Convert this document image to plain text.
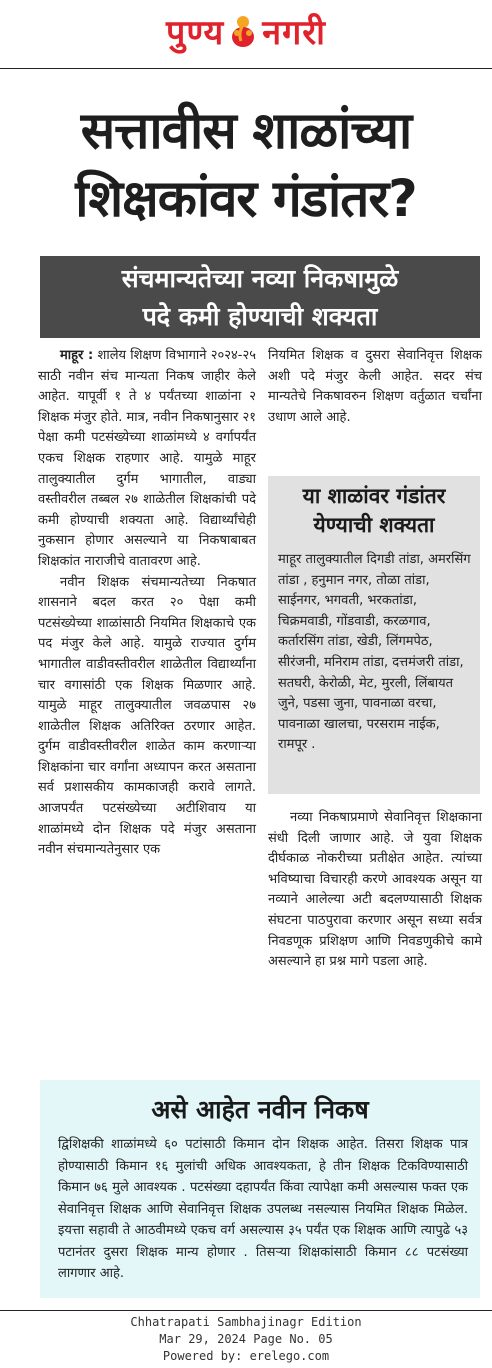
पुण्य नगरी
सत्तावीस शाळांच्या
शिक्षकांवर गंडांतर?
संचमान्यतेच्या नव्या निकषामुळे
पदे कमी होण्याची शक्यता

माहूर : शालेय शिक्षण विभागाने २०२४-२५ साठी नवीन संच मान्यता निकष जाहीर केले आहेत. यापूर्वी १ ते ४ पर्यंतच्या शाळांना २ शिक्षक मंजुर होते. मात्र, नवीन निकषानुसार २१ पेक्षा कमी पटसंख्येच्या शाळांमध्ये ४ वर्गापर्यंत एकच शिक्षक राहणार आहे. यामुळे माहूर तालुक्यातील दुर्गम भागातील, वाड्या वस्तीवरील तब्बल २७ शाळेतील शिक्षकांची पदे कमी होण्याची शक्यता आहे. विद्यार्थ्यांचेही नुकसान होणार असल्याने या निकषाबाबत शिक्षकांत नाराजीचे वातावरण आहे.

नवीन शिक्षक संचमान्यतेच्या निकषात शासनाने बदल करत २० पेक्षा कमी पटसंख्येच्या शाळांसाठी नियमित शिक्षकाचे एक पद मंजुर केले आहे. यामुळे राज्यात दुर्गम भागातील वाडीवस्तीवरील शाळेतील विद्यार्थ्यांना चार वगासांठी एक शिक्षक मिळणार आहे. यामुळे माहूर तालुक्यातील जवळपास २७ शाळेतील शिक्षक अतिरिक्त ठरणार आहेत. दुर्गम वाडीवस्तीवरील शाळेत काम करणाऱ्या शिक्षकांना चार वर्गांना अध्यापन करत असताना सर्व प्रशासकीय कामकाजही करावे लागते. आजपर्यंत पटसंख्येच्या अटीशिवाय या शाळांमध्ये दोन शिक्षक पदे मंजुर असताना नवीन संचमान्यतेनुसार एक

नियमित शिक्षक व दुसरा सेवानिवृत्त शिक्षक अशी पदे मंजुर केली आहेत. सदर संच मान्यतेचे निकषावरुन शिक्षण वर्तुळात चर्चांना उधाण आले आहे.

या शाळांवर गंडांतर
येण्याची शक्यता
माहूर तालुक्यातील दिगडी तांडा, अमरसिंग तांडा , हनुमान नगर, तोळा तांडा, साईनगर, भगवती, भरकतांडा, चिक्रमवाडी, गोंडवाडी, करळगाव, कर्तारसिंग तांडा, खेडी, लिंगमपेठ, सीरंजनी, मनिराम तांडा, दत्तमंजरी तांडा, सतघरी, केरोळी, मेट, मुरली, लिंबायत जुने, पडसा जुना, पावनाळा वरचा, पावनाळा खालचा, परसराम नाईक, रामपूर .

नव्या निकषाप्रमाणे सेवानिवृत्त शिक्षकाना संधी दिली जाणार आहे. जे युवा शिक्षक दीर्घकाळ नोकरीच्या प्रतीक्षेत आहेत. त्यांच्या भविष्याचा विचारही करणे आवश्यक असून या नव्याने आलेल्या अटी बदलण्यासाठी शिक्षक संघटना पाठपुरावा करणार असून सध्या सर्वत्र निवडणूक प्रशिक्षण आणि निवडणुकीचे कामे असल्याने हा प्रश्न मागे पडला आहे.

असे आहेत नवीन निकष
द्विशिक्षकी शाळांमध्ये ६० पटांसाठी किमान दोन शिक्षक आहेत. तिसरा शिक्षक पात्र होण्यासाठी किमान १६ मुलांची अधिक आवश्यकता, हे तीन शिक्षक टिकविण्यासाठी किमान ७६ मुले आवश्यक . पटसंख्या दहापर्यंत किंवा त्यापेक्षा कमी असल्यास फक्त एक सेवानिवृत्त शिक्षक आणि सेवानिवृत्त शिक्षक उपलब्ध नसल्यास नियमित शिक्षक मिळेल. इयत्ता सहावी ते आठवीमध्ये एकच वर्ग असल्यास ३५ पर्यंत एक शिक्षक आणि त्यापुढे ५३ पटानंतर दुसरा शिक्षक मान्य होणार . तिसऱ्या शिक्षकांसाठी किमान ८८ पटसंख्या लागणार आहे.
Chhatrapati Sambhajinagr Edition
Mar 29, 2024 Page No. 05
Powered by: erelego.com
